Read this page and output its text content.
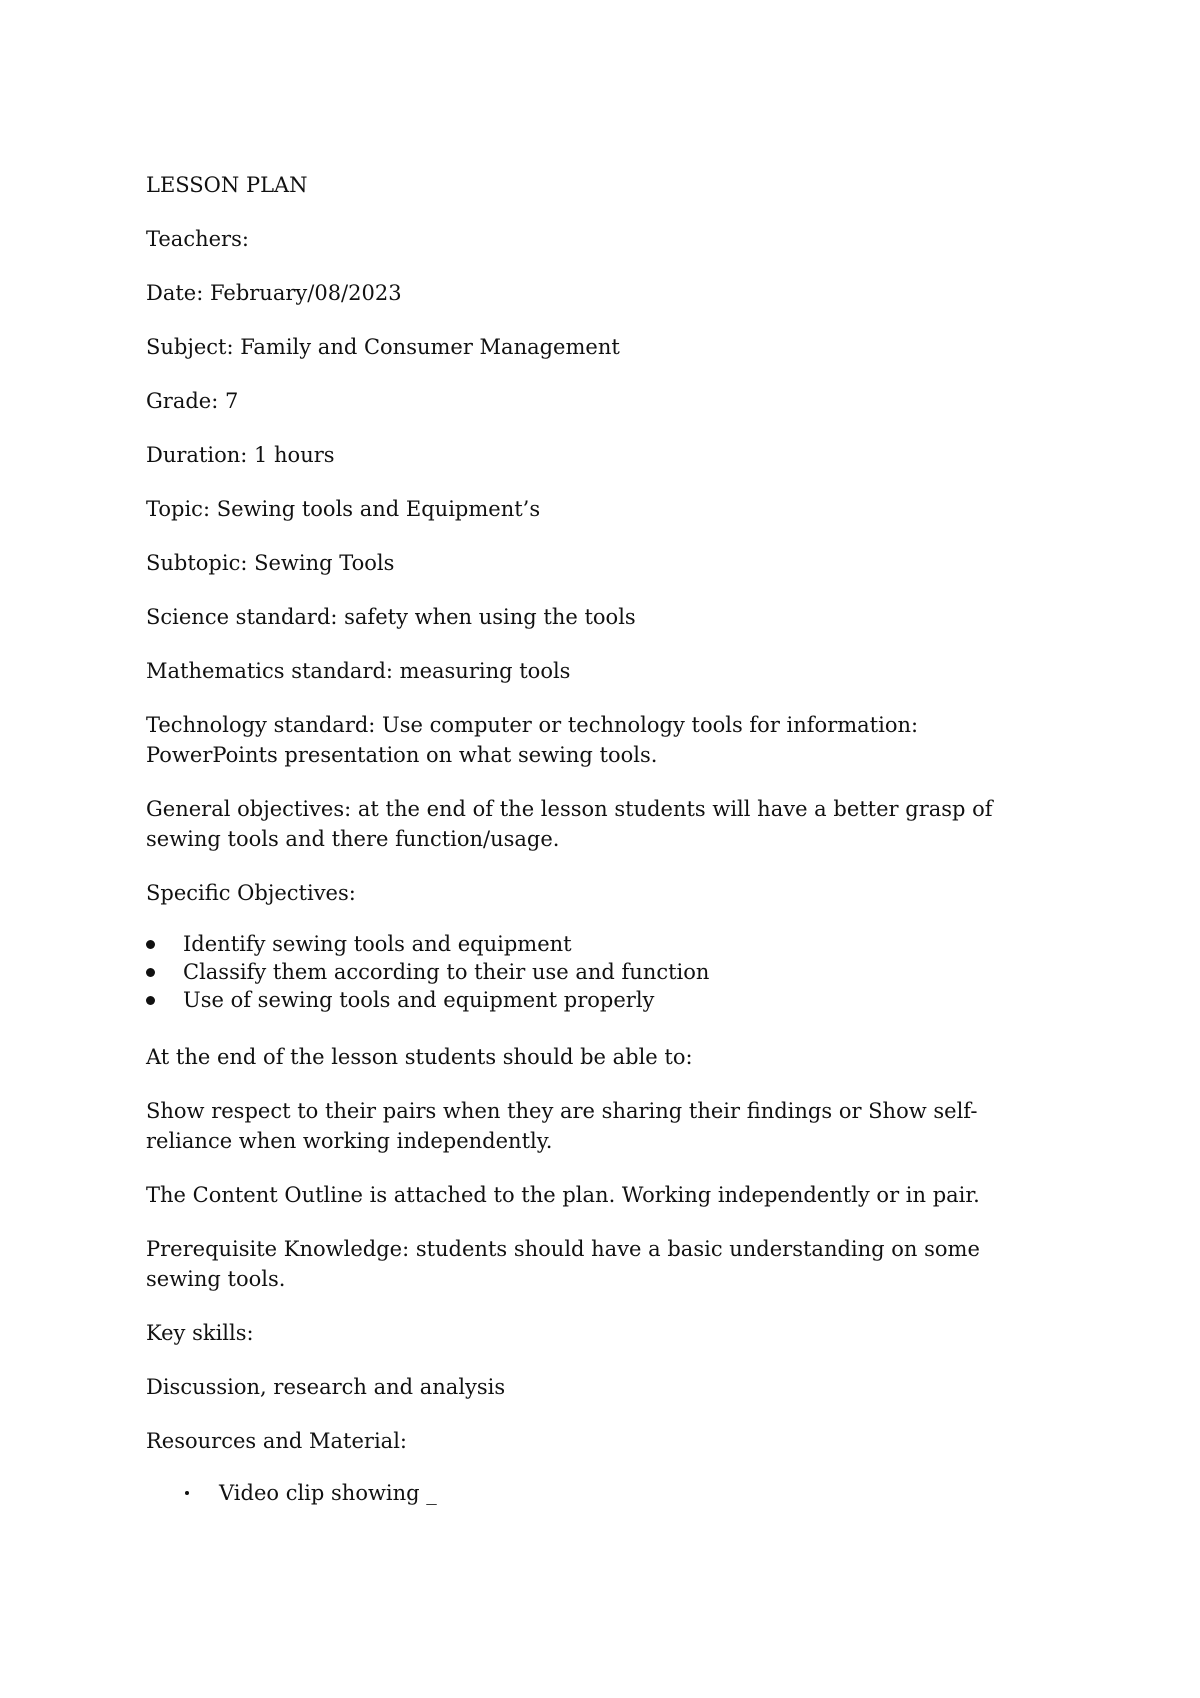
LESSON PLAN

Teachers:

Date: February/08/2023

Subject: Family and Consumer Management

Grade: 7

Duration: 1 hours

Topic: Sewing tools and Equipment’s

Subtopic: Sewing Tools

Science standard: safety when using the tools

Mathematics standard: measuring tools

Technology standard: Use computer or technology tools for information: PowerPoints presentation on what sewing tools.

General objectives: at the end of the lesson students will have a better grasp of sewing tools and there function/usage.

Specific Objectives:

Identify sewing tools and equipment
Classify them according to their use and function
Use of sewing tools and equipment properly

At the end of the lesson students should be able to:

Show respect to their pairs when they are sharing their findings or Show self-reliance when working independently.

The Content Outline is attached to the plan. Working independently or in pair.

Prerequisite Knowledge: students should have a basic understanding on some sewing tools.

Key skills:

Discussion, research and analysis

Resources and Material:

Video clip showing _
